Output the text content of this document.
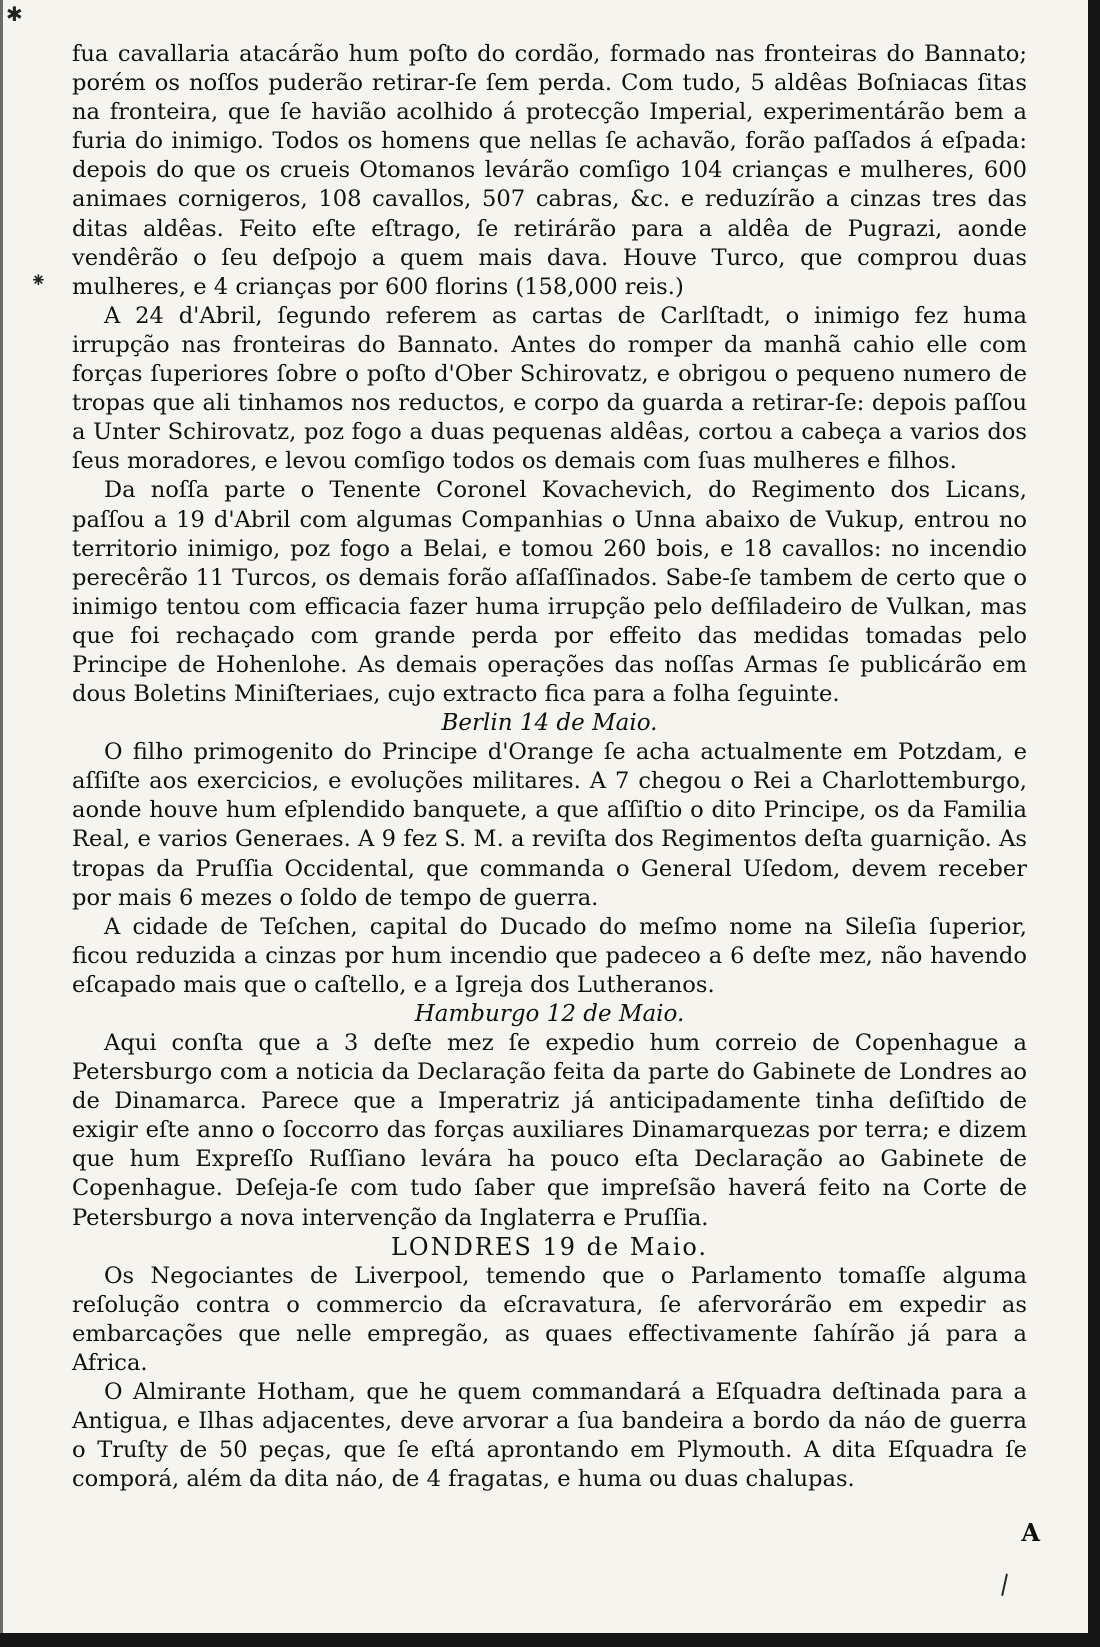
fua cavallaria atacárão hum poſto do cordão, formado nas fronteiras do Bannato; porém os noſſos puderão retirar-ſe ſem perda. Com tudo, 5 aldêas Boſniacas ſitas na fronteira, que ſe havião acolhido á protecção Imperial, experimentárão bem a furia do inimigo. Todos os homens que nellas ſe achavão, forão paſſados á eſpada: depois do que os crueis Otomanos levárão comſigo 104 crianças e mulheres, 600 animaes cornigeros, 108 cavallos, 507 cabras, &c. e reduzírão a cinzas tres das ditas aldêas. Feito eſte eſtrago, ſe retirárão para a aldêa de Pugrazi, aonde vendêrão o ſeu deſpojo a quem mais dava. Houve Turco, que comprou duas mulheres, e 4 crianças por 600 florins (158,000 reis.)

A 24 d'Abril, ſegundo referem as cartas de Carlſtadt, o inimigo fez huma irrupção nas fronteiras do Bannato. Antes do romper da manhã cahio elle com forças ſuperiores ſobre o poſto d'Ober Schirovatz, e obrigou o pequeno numero de tropas que ali tinhamos nos reductos, e corpo da guarda a retirar-ſe: depois paſſou a Unter Schirovatz, poz fogo a duas pequenas aldêas, cortou a cabeça a varios dos ſeus moradores, e levou comſigo todos os demais com ſuas mulheres e filhos.

Da noſſa parte o Tenente Coronel Kovachevich, do Regimento dos Licans, paſſou a 19 d'Abril com algumas Companhias o Unna abaixo de Vukup, entrou no territorio inimigo, poz fogo a Belai, e tomou 260 bois, e 18 cavallos: no incendio perecêrão 11 Turcos, os demais forão aſſaſſinados. Sabe-ſe tambem de certo que o inimigo tentou com efficacia fazer huma irrupção pelo deſfiladeiro de Vulkan, mas que foi rechaçado com grande perda por effeito das medidas tomadas pelo Principe de Hohenlohe. As demais operações das noſſas Armas ſe publicárão em dous Boletins Miniſteriaes, cujo extracto fica para a folha ſeguinte.

Berlin 14 de Maio.

O filho primogenito do Principe d'Orange ſe acha actualmente em Potzdam, e aſſiſte aos exercicios, e evoluções militares. A 7 chegou o Rei a Charlottemburgo, aonde houve hum eſplendido banquete, a que aſſiſtio o dito Principe, os da Familia Real, e varios Generaes. A 9 fez S. M. a reviſta dos Regimentos deſta guarnição. As tropas da Pruſſia Occidental, que commanda o General Uſedom, devem receber por mais 6 mezes o ſoldo de tempo de guerra.

A cidade de Teſchen, capital do Ducado do meſmo nome na Sileſia ſuperior, ficou reduzida a cinzas por hum incendio que padeceo a 6 deſte mez, não havendo eſcapado mais que o caſtello, e a Igreja dos Lutheranos.

Hamburgo 12 de Maio.

Aqui conſta que a 3 deſte mez ſe expedio hum correio de Copenhague a Petersburgo com a noticia da Declaração feita da parte do Gabinete de Londres ao de Dinamarca. Parece que a Imperatriz já anticipadamente tinha deſiſtido de exigir eſte anno o ſoccorro das forças auxiliares Dinamarquezas por terra; e dizem que hum Expreſſo Ruſſiano levára ha pouco eſta Declaração ao Gabinete de Copenhague. Deſeja-ſe com tudo ſaber que impreſsão haverá feito na Corte de Petersburgo a nova intervenção da Inglaterra e Pruſſia.

LONDRES 19 de Maio.

Os Negociantes de Liverpool, temendo que o Parlamento tomaſſe alguma reſolução contra o commercio da eſcravatura, ſe afervorárão em expedir as embarcações que nelle empregão, as quaes effectivamente ſahírão já para a Africa.

O Almirante Hotham, que he quem commandará a Eſquadra deſtinada para a Antigua, e Ilhas adjacentes, deve arvorar a ſua bandeira a bordo da náo de guerra o Truſty de 50 peças, que ſe eſtá aprontando em Plymouth. A dita Eſquadra ſe comporá, além da dita náo, de 4 fragatas, e huma ou duas chalupas.

A
✱
⁕
\
